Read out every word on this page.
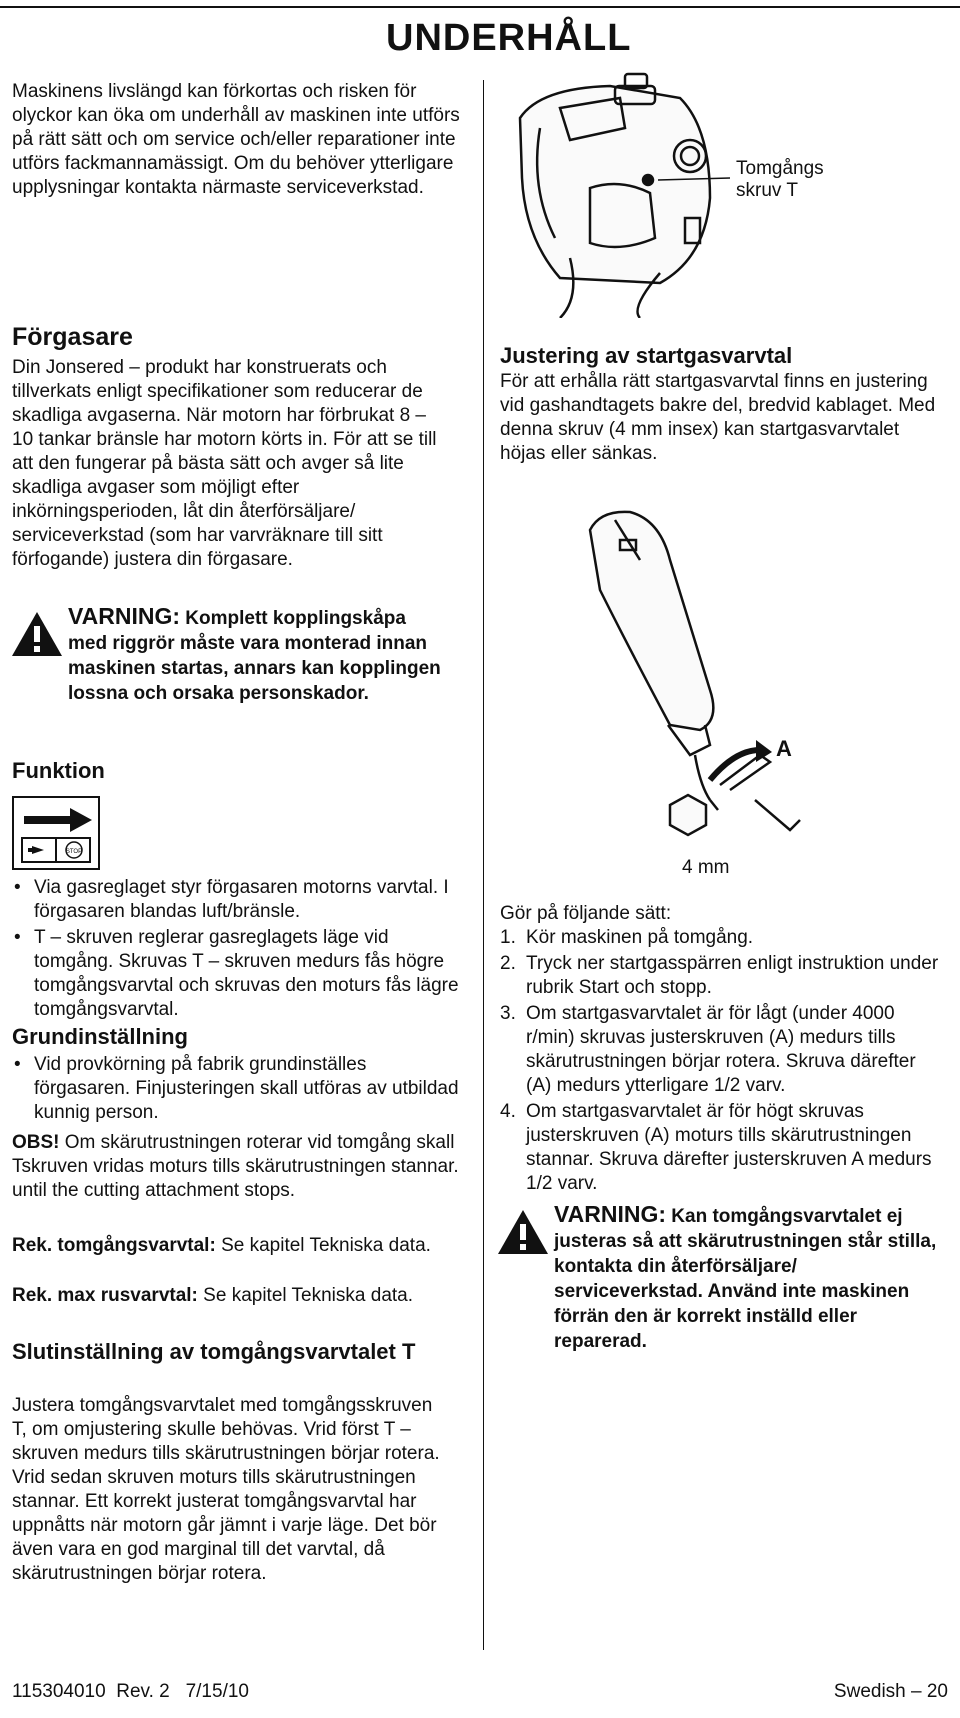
UNDERHÅLL

Maskinens livslängd kan förkortas och risken för olyckor kan öka om underhåll av maskinen inte utförs på rätt sätt och om service och/eller reparationer inte utförs fackmannamässigt. Om du behöver ytterligare upplysningar kontakta närmaste serviceverkstad.

Tomgångs
skruv T
Förgasare

Din Jonsered – produkt har konstruerats och tillverkats enligt specifikationer som reducerar de skadliga avgaserna. När motorn har förbrukat 8 – 10 tankar bränsle har motorn körts in. För att se till att den fungerar på bästa sätt och avger så lite skadliga avgaser som möjligt efter inkörningsperioden, låt din återförsäljare/ serviceverkstad (som har varvräknare till sitt förfogande) justera din förgasare.

VARNING: Komplett kopplingskåpa med riggrör måste vara monterad innan maskinen startas, annars kan kopplingen lossna och orsaka personskador.
Funktion
STOP
• Via gasreglaget styr förgasaren motorns varvtal. I förgasaren blandas luft/bränsle.
• T – skruven reglerar gasreglagets läge vid tomgång. Skruvas T – skruven medurs fås högre tomgångsvarvtal och skruvas den moturs fås lägre tomgångsvarvtal.
Grundinställning
• Vid provkörning på fabrik grundinställes förgasaren. Finjusteringen skall utföras av utbildad kunnig person.

OBS! Om skärutrustningen roterar vid tomgång skall Tskruven vridas moturs tills skärutrustningen stannar. until the cutting attachment stops.

Rek. tomgångsvarvtal: Se kapitel Tekniska data.

Rek. max rusvarvtal: Se kapitel Tekniska data.

Slutinställning av tomgångsvarvtalet T

Justera tomgångsvarvtalet med tomgångsskruven T, om omjustering skulle behövas. Vrid först T – skruven medurs tills skärutrustningen börjar rotera. Vrid sedan skruven moturs tills skärutrustningen stannar. Ett korrekt justerat tomgångsvarvtal har uppnåtts när motorn går jämnt i varje läge. Det bör även vara en god marginal till det varvtal, då skärutrustningen börjar rotera.

Justering av startgasvarvtal

För att erhålla rätt startgasvarvtal finns en justering vid gashandtagets bakre del, bredvid kablaget. Med denna skruv (4 mm insex) kan startgasvarvtalet höjas eller sänkas.

A
4 mm

Gör på följande sätt:

1. Kör maskinen på tomgång.
2. Tryck ner startgasspärren enligt instruktion under rubrik Start och stopp.
3. Om startgasvarvtalet är för lågt (under 4000 r/min) skruvas justerskruven (A) medurs tills skärutrustningen börjar rotera. Skruva därefter (A) medurs ytterligare 1/2 varv.
4. Om startgasvarvtalet är för högt skruvas justerskruven (A) moturs tills skärutrustningen stannar. Skruva därefter justerskruven A medurs 1/2 varv.
VARNING: Kan tomgångsvarvtalet ej justeras så att skärutrustningen står stilla, kontakta din återförsäljare/ serviceverkstad. Använd inte maskinen förrän den är korrekt inställd eller reparerad.
115304010  Rev. 2   7/15/10	Swedish – 20
